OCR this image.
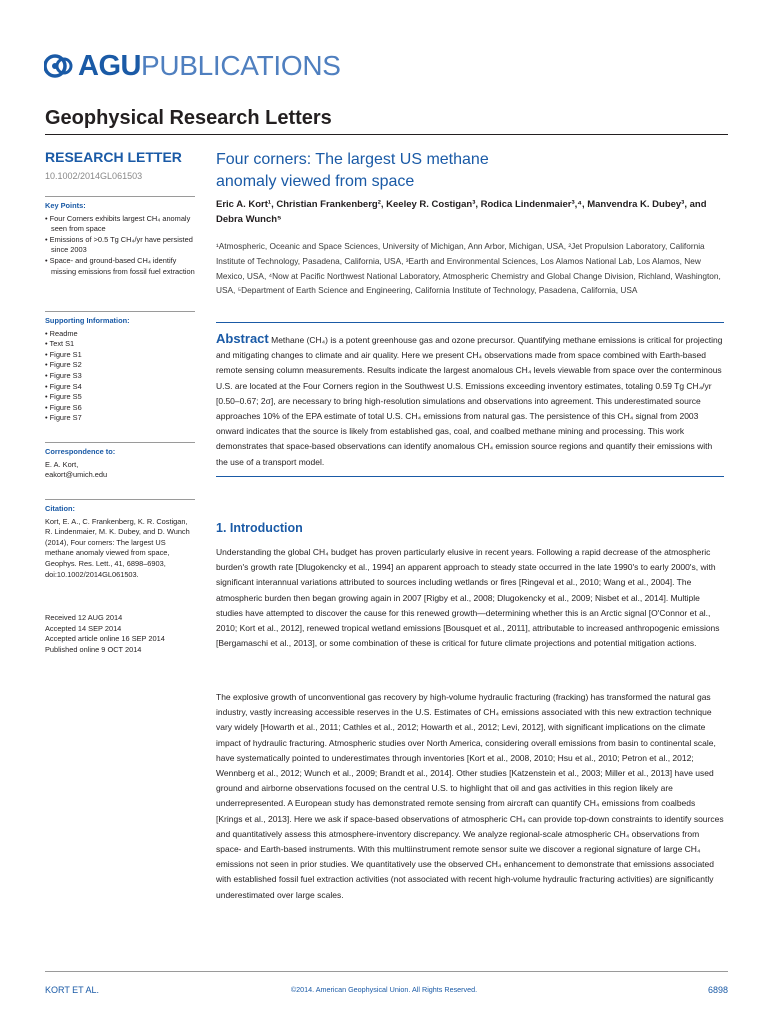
AGU PUBLICATIONS
Geophysical Research Letters
RESEARCH LETTER
10.1002/2014GL061503
Key Points:
• Four Corners exhibits largest CH₄ anomaly seen from space
• Emissions of >0.5 Tg CH₄/yr have persisted since 2003
• Space- and ground-based CH₄ identify missing emissions from fossil fuel extraction
Supporting Information:
• Readme
• Text S1
• Figure S1
• Figure S2
• Figure S3
• Figure S4
• Figure S5
• Figure S6
• Figure S7
Correspondence to:
E. A. Kort,
eakort@umich.edu
Citation:
Kort, E. A., C. Frankenberg, K. R. Costigan, R. Lindenmaier, M. K. Dubey, and D. Wunch (2014), Four corners: The largest US methane anomaly viewed from space, Geophys. Res. Lett., 41, 6898–6903, doi:10.1002/2014GL061503.
Received 12 AUG 2014
Accepted 14 SEP 2014
Accepted article online 16 SEP 2014
Published online 9 OCT 2014
Four corners: The largest US methane
anomaly viewed from space
Eric A. Kort¹, Christian Frankenberg², Keeley R. Costigan³, Rodica Lindenmaier³,⁴, Manvendra K. Dubey³, and Debra Wunch⁵
¹Atmospheric, Oceanic and Space Sciences, University of Michigan, Ann Arbor, Michigan, USA, ²Jet Propulsion Laboratory, California Institute of Technology, Pasadena, California, USA, ³Earth and Environmental Sciences, Los Alamos National Lab, Los Alamos, New Mexico, USA, ⁴Now at Pacific Northwest National Laboratory, Atmospheric Chemistry and Global Change Division, Richland, Washington, USA, ⁵Department of Earth Science and Engineering, California Institute of Technology, Pasadena, California, USA
Abstract Methane (CH₄) is a potent greenhouse gas and ozone precursor. Quantifying methane emissions is critical for projecting and mitigating changes to climate and air quality. Here we present CH₄ observations made from space combined with Earth-based remote sensing column measurements. Results indicate the largest anomalous CH₄ levels viewable from space over the conterminous U.S. are located at the Four Corners region in the Southwest U.S. Emissions exceeding inventory estimates, totaling 0.59 Tg CH₄/yr [0.50–0.67; 2σ], are necessary to bring high-resolution simulations and observations into agreement. This underestimated source approaches 10% of the EPA estimate of total U.S. CH₄ emissions from natural gas. The persistence of this CH₄ signal from 2003 onward indicates that the source is likely from established gas, coal, and coalbed methane mining and processing. This work demonstrates that space-based observations can identify anomalous CH₄ emission source regions and quantify their emissions with the use of a transport model.
1. Introduction
Understanding the global CH₄ budget has proven particularly elusive in recent years. Following a rapid decrease of the atmospheric burden's growth rate [Dlugokencky et al., 1994] an apparent approach to steady state occurred in the late 1990's to early 2000's, with significant interannual variations attributed to sources including wetlands or fires [Ringeval et al., 2010; Wang et al., 2004]. The atmospheric burden then began growing again in 2007 [Rigby et al., 2008; Dlugokencky et al., 2009; Nisbet et al., 2014]. Multiple studies have attempted to discover the cause for this renewed growth—determining whether this is an Arctic signal [O'Connor et al., 2010; Kort et al., 2012], renewed tropical wetland emissions [Bousquet et al., 2011], attributable to increased anthropogenic emissions [Bergamaschi et al., 2013], or some combination of these is critical for future climate projections and potential mitigation actions.
The explosive growth of unconventional gas recovery by high-volume hydraulic fracturing (fracking) has transformed the natural gas industry, vastly increasing accessible reserves in the U.S. Estimates of CH₄ emissions associated with this new extraction technique vary widely [Howarth et al., 2011; Cathles et al., 2012; Howarth et al., 2012; Levi, 2012], with significant implications on the climate impact of hydraulic fracturing. Atmospheric studies over North America, considering overall emissions from basin to continental scale, have systematically pointed to underestimates through inventories [Kort et al., 2008, 2010; Hsu et al., 2010; Petron et al., 2012; Wennberg et al., 2012; Wunch et al., 2009; Brandt et al., 2014]. Other studies [Katzenstein et al., 2003; Miller et al., 2013] have used ground and airborne observations focused on the central U.S. to highlight that oil and gas activities in this region likely are underrepresented. A European study has demonstrated remote sensing from aircraft can quantify CH₄ emissions from coalbeds [Krings et al., 2013]. Here we ask if space-based observations of atmospheric CH₄ can provide top-down constraints to identify sources and quantitatively assess this atmosphere-inventory discrepancy. We analyze regional-scale atmospheric CH₄ observations from space- and Earth-based instruments. With this multiinstrument remote sensor suite we discover a regional signature of large CH₄ emissions not seen in prior studies. We quantitatively use the observed CH₄ enhancement to demonstrate that emissions associated with established fossil fuel extraction activities (not associated with recent high-volume hydraulic fracturing activities) are significantly underestimated over large scales.
KORT ET AL.	©2014. American Geophysical Union. All Rights Reserved.	6898
